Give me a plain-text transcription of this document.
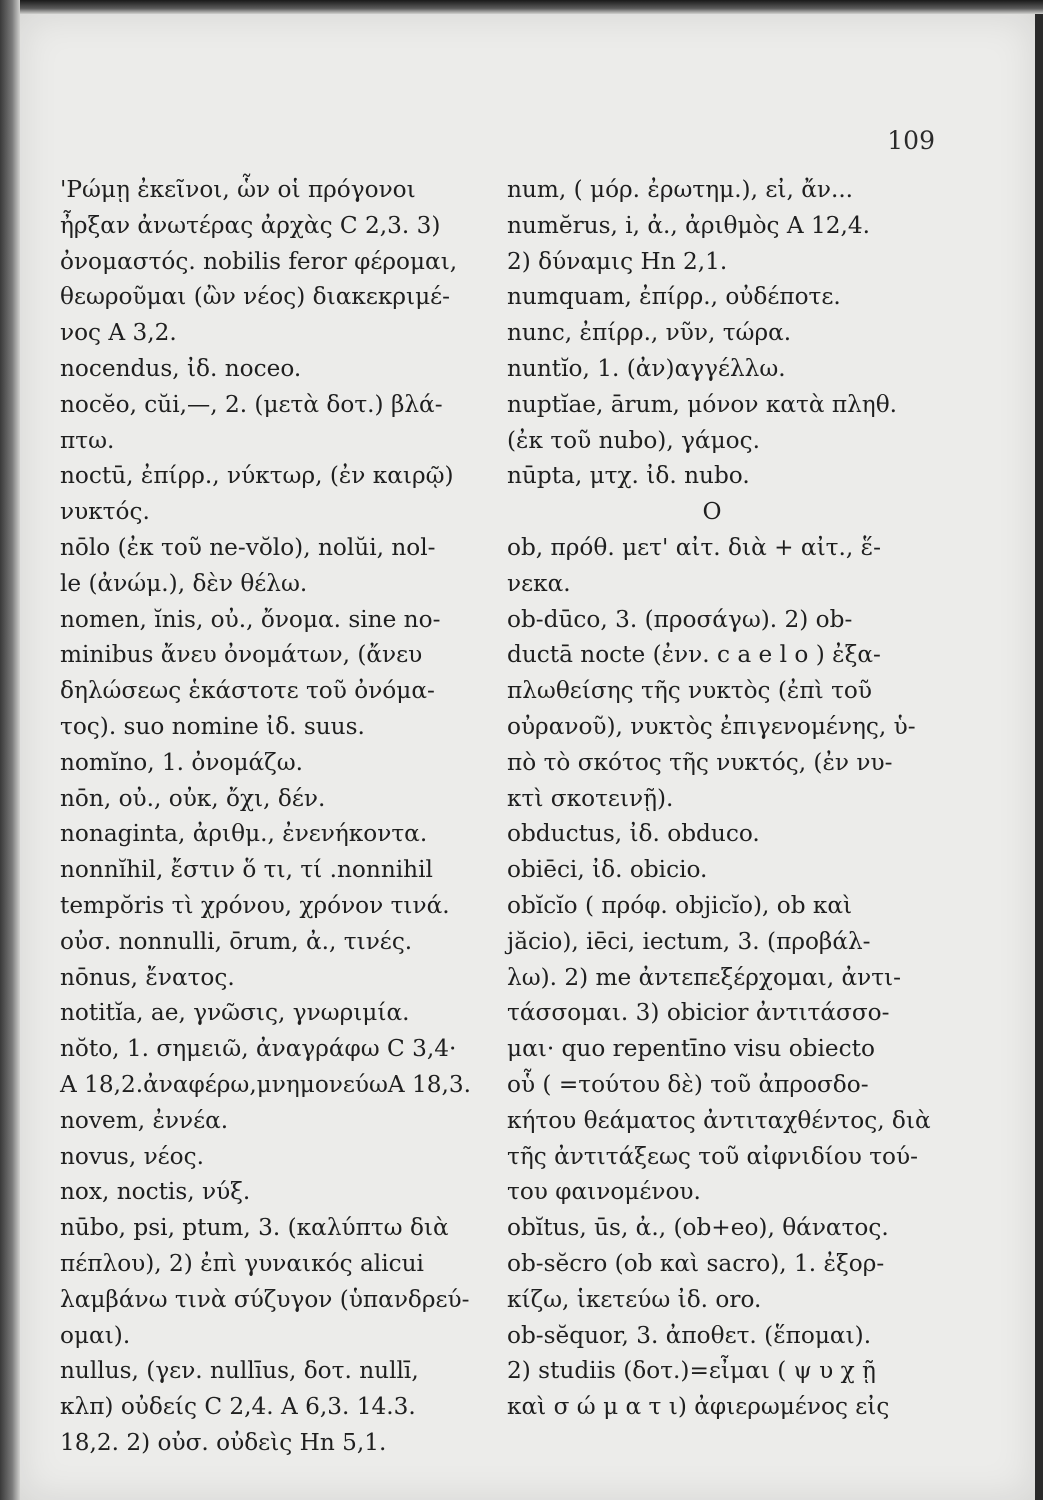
109

'Ρώμῃ ἐκεῖνοι, ὧν οἱ πρόγονοι
ἦρξαν ἀνωτέρας ἀρχὰς C 2,3. 3)
ὀνομαστός. nobilis feror φέρομαι,
θεωροῦμαι (ὢν νέος) διακεκριμέ-
νος A 3,2.
nocendus, ἰδ. noceo.
nocĕo, cŭi,—, 2. (μετὰ δοτ.) βλά-
πτω.
noctū, ἐπίρρ., νύκτωρ, (ἐν καιρῷ)
νυκτός.
nōlo (ἐκ τοῦ ne-vŏlo), nolŭi, nol-
le (ἀνώμ.), δὲν θέλω.
nomen, ĭnis, οὐ., ὄνομα. sine no-
minibus ἄνευ ὀνομάτων, (ἄνευ
δηλώσεως ἑκάστοτε τοῦ ὀνόμα-
τος). suo nomine ἰδ. suus.
nomĭno, 1. ὀνομάζω.
nōn, οὐ., οὐκ, ὄχι, δέν.
nonaginta, ἀριθμ., ἐνενήκοντα.
nonnĭhil, ἔστιν ὅ τι, τί .nonnihil
tempŏris τὶ χρόνου, χρόνον τινά.
οὐσ. nonnulli, ōrum, ἀ., τινές.
nōnus, ἔνατος.
notitĭa, ae, γνῶσις, γνωριμία.
nŏto, 1. σημειῶ, ἀναγράφω C 3,4·
A 18,2.ἀναφέρω,μνημονεύωA 18,3.
novem, ἐννέα.
novus, νέος.
nox, noctis, νύξ.
nūbo, psi, ptum, 3. (καλύπτω διὰ
πέπλου), 2) ἐπὶ γυναικός alicui
λαμβάνω τινὰ σύζυγον (ὑπανδρεύ-
ομαι).
nullus, (γεν. nullīus, δοτ. nullī,
κλπ) οὐδείς C 2,4. A 6,3. 14.3.
18,2. 2) οὐσ. οὐδεὶς Hn 5,1.
num, ( μόρ. ἐρωτημ.), εἰ, ἄν...
numĕrus, i, ἀ., ἀριθμὸς A 12,4.
2) δύναμις Hn 2,1.
numquam, ἐπίρρ., οὐδέποτε.
nunc, ἐπίρρ., νῦν, τώρα.
nuntĭo, 1. (ἀν)αγγέλλω.
nuptĭae, ārum, μόνον κατὰ πληθ.
(ἐκ τοῦ nubo), γάμος.
nūpta, μτχ. ἰδ. nubo.
O
ob, πρόθ. μετ' αἰτ. διὰ + αἰτ., ἕ-
νεκα.
ob-dūco, 3. (προσάγω). 2) ob-
ductā nocte (ἐνν. c a e l o ) ἐξα-
πλωθείσης τῆς νυκτὸς (ἐπὶ τοῦ
οὐρανοῦ), νυκτὸς ἐπιγενομένης, ὑ-
πὸ τὸ σκότος τῆς νυκτός, (ἐν νυ-
κτὶ σκοτεινῇ).
obductus, ἰδ. obduco.
obiēci, ἰδ. obicio.
obĭcĭo ( πρόφ. objicĭo), ob καὶ
jăcio), iēci, iectum, 3. (προβάλ-
λω). 2) me ἀντεπεξέρχομαι, ἀντι-
τάσσομαι. 3) obicior ἀντιτάσσο-
μαι· quo repentīno visu obiecto
οὗ ( =τούτου δὲ) τοῦ ἀπροσδο-
κήτου θεάματος ἀντιταχθέντος, διὰ
τῆς ἀντιτάξεως τοῦ αἰφνιδίου τού-
του φαινομένου.
obĭtus, ūs, ἀ., (ob+eo), θάνατος.
ob-sĕcro (ob καὶ sacro), 1. ἐξορ-
κίζω, ἱκετεύω ἰδ. oro.
ob-sĕquor, 3. ἀποθετ. (ἕπομαι).
2) studiis (δοτ.)=εἶμαι ( ψ υ χ ῇ
καὶ σ ώ μ α τ ι) ἀφιερωμένος εἰς
